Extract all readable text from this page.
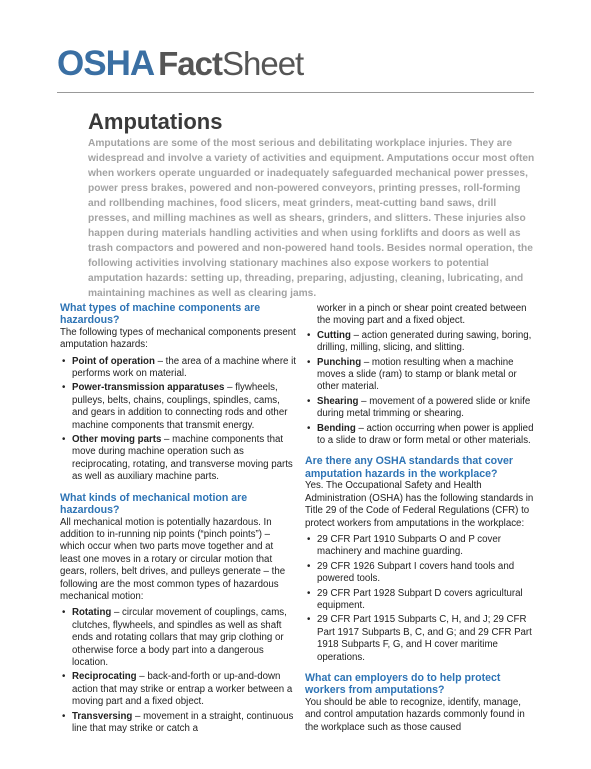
OSHA Fact Sheet
Amputations

Amputations are some of the most serious and debilitating workplace injuries. They are widespread and involve a variety of activities and equipment. Amputations occur most often when workers operate unguarded or inadequately safeguarded mechanical power presses, power press brakes, powered and non-powered conveyors, printing presses, roll-forming and rollbending machines, food slicers, meat grinders, meat-cutting band saws, drill presses, and milling machines as well as shears, grinders, and slitters. These injuries also happen during materials handling activities and when using forklifts and doors as well as trash compactors and powered and non-powered hand tools. Besides normal operation, the following activities involving stationary machines also expose workers to potential amputation hazards: setting up, threading, preparing, adjusting, cleaning, lubricating, and maintaining machines as well as clearing jams.

What types of machine components are hazardous?

The following types of mechanical components present amputation hazards:

• Point of operation – the area of a machine where it performs work on material.
• Power-transmission apparatuses – flywheels, pulleys, belts, chains, couplings, spindles, cams, and gears in addition to connecting rods and other machine components that transmit energy.
• Other moving parts – machine components that move during machine operation such as reciprocating, rotating, and transverse moving parts as well as auxiliary machine parts.
What kinds of mechanical motion are hazardous?

All mechanical motion is potentially hazardous. In addition to in-running nip points (“pinch points”) – which occur when two parts move together and at least one moves in a rotary or circular motion that gears, rollers, belt drives, and pulleys generate – the following are the most common types of hazardous mechanical motion:

• Rotating – circular movement of couplings, cams, clutches, flywheels, and spindles as well as shaft ends and rotating collars that may grip clothing or otherwise force a body part into a dangerous location.
• Reciprocating – back-and-forth or up-and-down action that may strike or entrap a worker between a moving part and a fixed object.
• Transversing – movement in a straight, continuous line that may strike or catch a

worker in a pinch or shear point created between the moving part and a fixed object.

• Cutting – action generated during sawing, boring, drilling, milling, slicing, and slitting.
• Punching – motion resulting when a machine moves a slide (ram) to stamp or blank metal or other material.
• Shearing – movement of a powered slide or knife during metal trimming or shearing.
• Bending – action occurring when power is applied to a slide to draw or form metal or other materials.
Are there any OSHA standards that cover amputation hazards in the workplace?

Yes. The Occupational Safety and Health Administration (OSHA) has the following standards in Title 29 of the Code of Federal Regulations (CFR) to protect workers from amputations in the workplace:

• 29 CFR Part 1910 Subparts O and P cover machinery and machine guarding.
• 29 CFR 1926 Subpart I covers hand tools and powered tools.
• 29 CFR Part 1928 Subpart D covers agricultural equipment.
• 29 CFR Part 1915 Subparts C, H, and J; 29 CFR Part 1917 Subparts B, C, and G; and 29 CFR Part 1918 Subparts F, G, and H cover maritime operations.
What can employers do to help protect workers from amputations?

You should be able to recognize, identify, manage, and control amputation hazards commonly found in the workplace such as those caused
